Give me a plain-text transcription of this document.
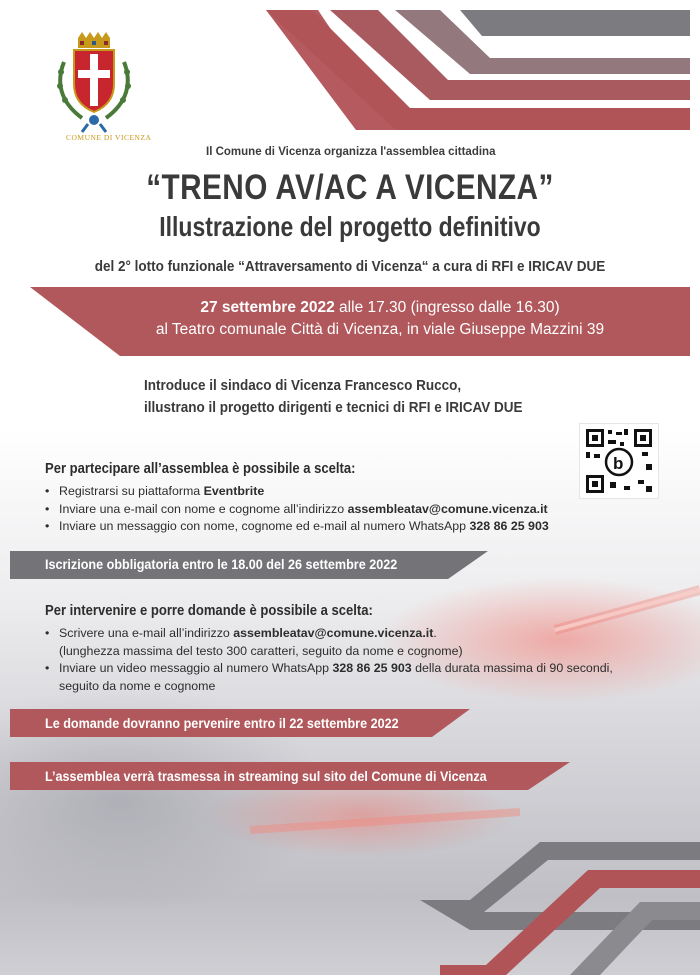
COMUNE DI VICENZA
Il Comune di Vicenza organizza l'assemblea cittadina
“TRENO AV/AC A VICENZA”
Illustrazione del progetto definitivo
del 2° lotto funzionale “Attraversamento di Vicenza“ a cura di RFI e IRICAV DUE
27 settembre 2022 alle 17.30 (ingresso dalle 16.30)
al Teatro comunale Città di Vicenza, in viale Giuseppe Mazzini 39
Introduce il sindaco di Vicenza Francesco Rucco,
illustrano il progetto dirigenti e tecnici di RFI e IRICAV DUE
b
Per partecipare all’assemblea è possibile a scelta:
• Registrarsi su piattaforma Eventbrite
• Inviare una e-mail con nome e cognome all’indirizzo assembleatav@comune.vicenza.it
• Inviare un messaggio con nome, cognome ed e-mail al numero WhatsApp 328 86 25 903
Iscrizione obbligatoria entro le 18.00 del 26 settembre 2022
Per intervenire e porre domande è possibile a scelta:
• Scrivere una e-mail all’indirizzo assembleatav@comune.vicenza.it.
(lunghezza massima del testo 300 caratteri, seguito da nome e cognome)
• Inviare un video messaggio al numero WhatsApp 328 86 25 903 della durata massima di 90 secondi,
seguito da nome e cognome
Le domande dovranno pervenire entro il 22 settembre 2022
L’assemblea verrà trasmessa in streaming sul sito del Comune di Vicenza
